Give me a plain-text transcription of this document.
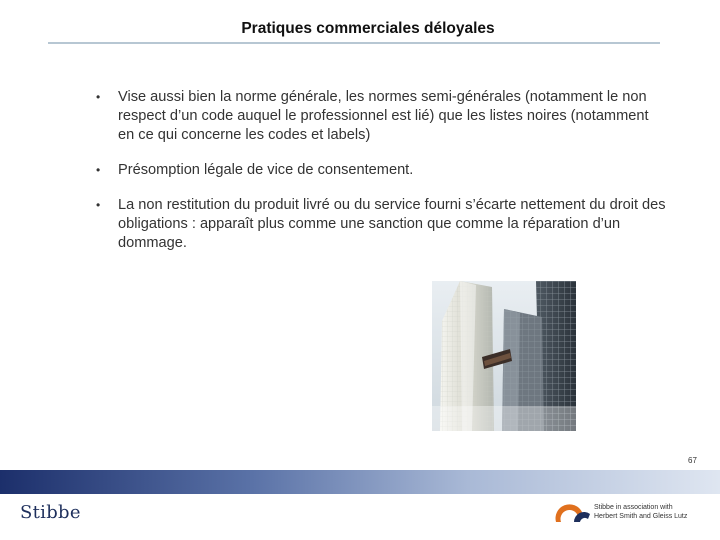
Pratiques commerciales déloyales
• Vise aussi bien la norme générale, les normes semi-générales (notamment le non respect d’un code auquel le professionnel est lié) que les listes noires (notamment en ce qui concerne les codes et labels)
• Présomption légale de vice de consentement.
• La non restitution du produit livré ou du service fourni s’écarte nettement du droit des obligations : apparaît plus comme une sanction que comme la réparation d’un dommage.
67
Stibbe	Stibbe in association with
Herbert Smith and Gleiss Lutz
